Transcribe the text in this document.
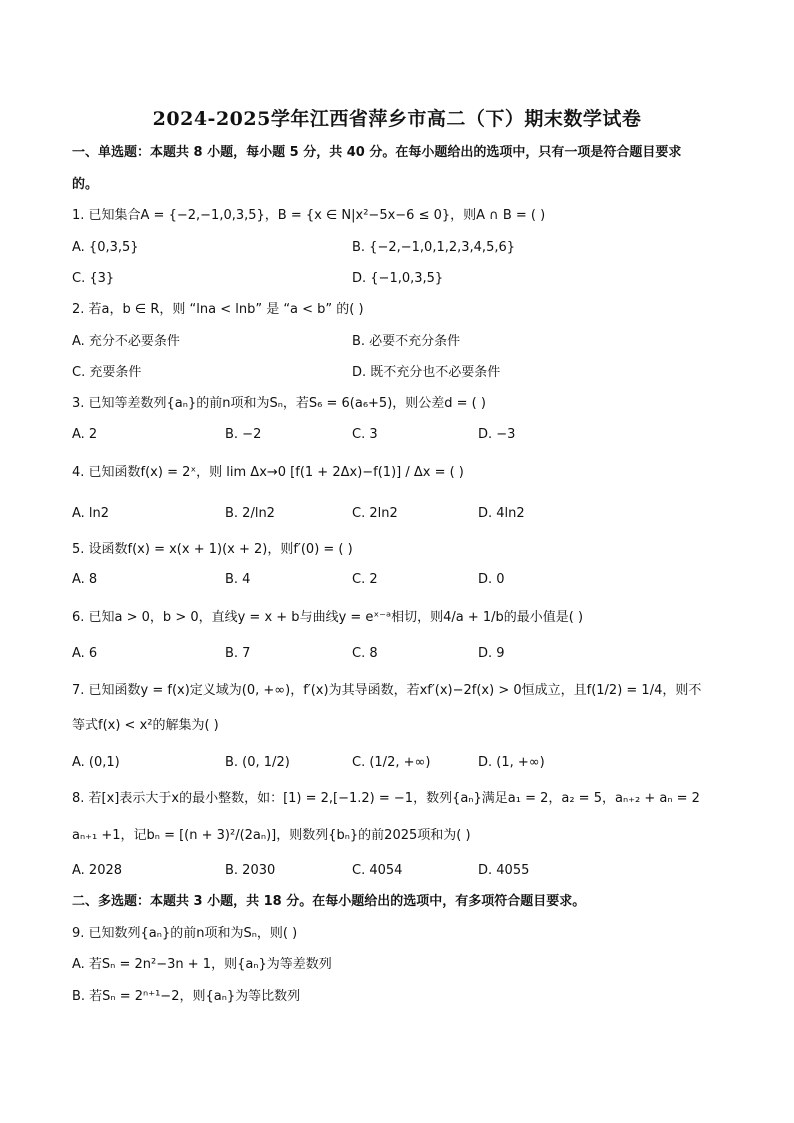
2024-2025学年江西省萍乡市高二（下）期末数学试卷
一、单选题：本题共 8 小题，每小题 5 分，共 40 分。在每小题给出的选项中，只有一项是符合题目要求
的。
1. 已知集合A = {−2,−1,0,3,5}，B = {x ∈ N|x²−5x−6 ≤ 0}，则A ∩ B = ( )
A. {0,3,5}	B. {−2,−1,0,1,2,3,4,5,6}
C. {3}	D. {−1,0,3,5}
2. 若a，b ∈ R，则 “lna < lnb” 是 “a < b” 的( )
A. 充分不必要条件	B. 必要不充分条件
C. 充要条件	D. 既不充分也不必要条件
3. 已知等差数列{aₙ}的前n项和为Sₙ，若S₆ = 6(a₆+5)，则公差d = ( )
A. 2	B. −2	C. 3	D. −3
4. 已知函数f(x) = 2ˣ，则 lim Δx→0 [f(1 + 2Δx)−f(1)] / Δx = ( )
A. ln2	B. 2/ln2	C. 2ln2	D. 4ln2
5. 设函数f(x) = x(x + 1)(x + 2)，则f′(0) = ( )
A. 8	B. 4	C. 2	D. 0
6. 已知a > 0，b > 0，直线y = x + b与曲线y = eˣ⁻ᵃ相切，则4/a + 1/b的最小值是( )
A. 6	B. 7	C. 8	D. 9
7. 已知函数y = f(x)定义域为(0, +∞)，f′(x)为其导函数，若xf′(x)−2f(x) > 0恒成立，且f(1/2) = 1/4，则不
等式f(x) < x²的解集为( )
A. (0,1)	B. (0, 1/2)	C. (1/2, +∞)	D. (1, +∞)
8. 若[x]表示大于x的最小整数，如：[1) = 2,[−1.2) = −1，数列{aₙ}满足a₁ = 2，a₂ = 5，aₙ₊₂ + aₙ = 2
aₙ₊₁ +1，记bₙ = [(n + 3)²/(2aₙ)]，则数列{bₙ}的前2025项和为( )
A. 2028	B. 2030	C. 4054	D. 4055
二、多选题：本题共 3 小题，共 18 分。在每小题给出的选项中，有多项符合题目要求。
9. 已知数列{aₙ}的前n项和为Sₙ，则( )
A. 若Sₙ = 2n²−3n + 1，则{aₙ}为等差数列
B. 若Sₙ = 2ⁿ⁺¹−2，则{aₙ}为等比数列
